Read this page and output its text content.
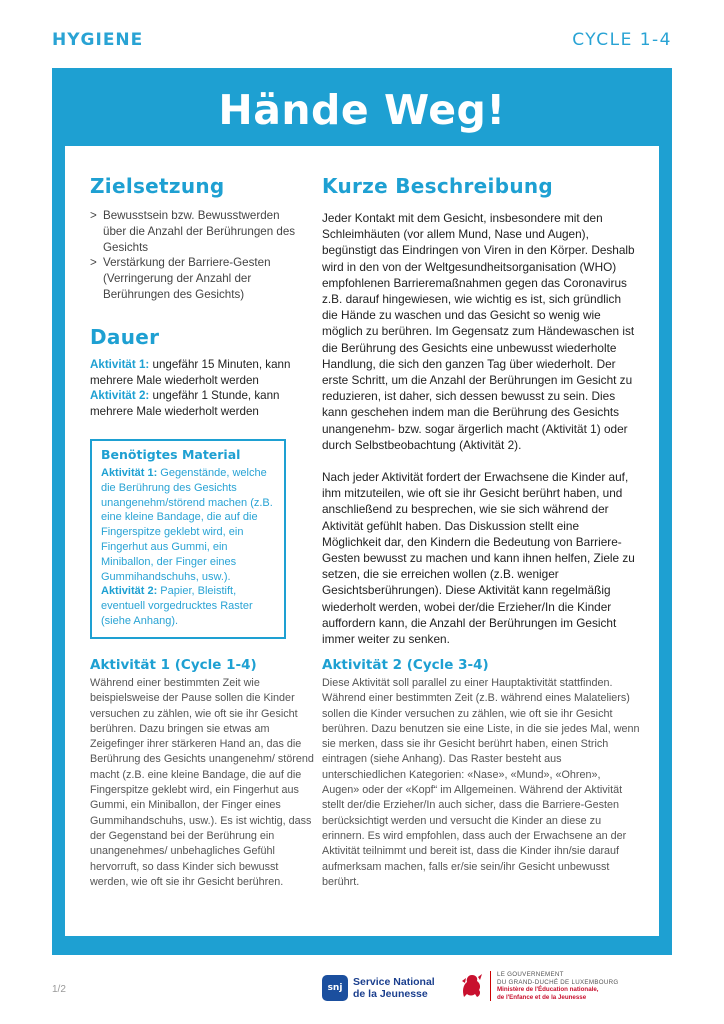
HYGIENE	CYCLE 1-4
Hände Weg!
Zielsetzung
> Bewusstsein bzw. Bewusstwerden über die Anzahl der Berührungen des Gesichts
> Verstärkung der Barriere-Gesten (Verringerung der Anzahl der Berührungen des Gesichts)
Dauer
Aktivität 1: ungefähr 15 Minuten, kann mehrere Male wiederholt werden
Aktivität 2: ungefähr 1 Stunde, kann mehrere Male wiederholt werden
Benötigtes Material
Aktivität 1: Gegenstände, welche die Berührung des Gesichts unangenehm/störend machen (z.B. eine kleine Bandage, die auf die Fingerspitze geklebt wird, ein Fingerhut aus Gummi, ein Miniballon, der Finger eines Gummihandschuhs, usw.).
Aktivität 2: Papier, Bleistift, eventuell vorgedrucktes Raster (siehe Anhang).
Kurze Beschreibung

Jeder Kontakt mit dem Gesicht, insbesondere mit den Schleimhäuten (vor allem Mund, Nase und Augen), begünstigt das Eindringen von Viren in den Körper. Deshalb wird in den von der Weltgesundheitsorganisation (WHO) empfohlenen Barrieremaßnahmen gegen das Coronavirus z.B. darauf hingewiesen, wie wichtig es ist, sich gründlich die Hände zu waschen und das Gesicht so wenig wie möglich zu berühren. Im Gegensatz zum Händewaschen ist die Berührung des Gesichts eine unbewusst wiederholte Handlung, die sich den ganzen Tag über wiederholt. Der erste Schritt, um die Anzahl der Berührungen im Gesicht zu reduzieren, ist daher, sich dessen bewusst zu sein. Dies kann geschehen indem man die Berührung des Gesichts unangenehm- bzw. sogar ärgerlich macht (Aktivität 1) oder durch Selbstbeobachtung (Aktivität 2).

Nach jeder Aktivität fordert der Erwachsene die Kinder auf, ihm mitzuteilen, wie oft sie ihr Gesicht berührt haben, und anschließend zu besprechen, wie sie sich während der Aktivität gefühlt haben. Das Diskussion stellt eine Möglichkeit dar, den Kindern die Bedeutung von Barriere-Gesten bewusst zu machen und kann ihnen helfen, Ziele zu setzen, die sie erreichen wollen (z.B. weniger Gesichtsberührungen). Diese Aktivität kann regelmäßig wiederholt werden, wobei der/die Erzieher/In die Kinder auffordern kann, die Anzahl der Berührungen im Gesicht immer weiter zu senken.

Aktivität 1 (Cycle 1-4)

Während einer bestimmten Zeit wie beispielsweise der Pause sollen die Kinder versuchen zu zählen, wie oft sie ihr Gesicht berühren. Dazu bringen sie etwas am Zeigefinger ihrer stärkeren Hand an, das die Berührung des Gesichts unangenehm/ störend macht (z.B. eine kleine Bandage, die auf die Fingerspitze geklebt wird, ein Fingerhut aus Gummi, ein Miniballon, der Finger eines Gummihandschuhs, usw.). Es ist wichtig, dass der Gegenstand bei der Berührung ein unangenehmes/ unbehagliches Gefühl hervorruft, so dass Kinder sich bewusst werden, wie oft sie ihr Gesicht berühren.

Aktivität 2 (Cycle 3-4)

Diese Aktivität soll parallel zu einer Hauptaktivität stattfinden. Während einer bestimmten Zeit (z.B. während eines Malateliers) sollen die Kinder versuchen zu zählen, wie oft sie ihr Gesicht berühren. Dazu benutzen sie eine Liste, in die sie jedes Mal, wenn sie merken, dass sie ihr Gesicht berührt haben, einen Strich eintragen (siehe Anhang). Das Raster besteht aus unterschiedlichen Kategorien: «Nase», «Mund», «Ohren», Augen» oder der «Kopf“ im Allgemeinen. Während der Aktivität stellt der/die Erzieher/In auch sicher, dass die Barriere-Gesten berücksichtigt werden und versucht die Kinder an diese zu erinnern. Es wird empfohlen, dass auch der Erwachsene an der Aktivität teilnimmt und bereit ist, dass die Kinder ihn/sie darauf aufmerksam machen, falls er/sie sein/ihr Gesicht unbewusst berührt.

1/2	snj	Service National
de la Jeunesse
LE GOUVERNEMENT
DU GRAND-DUCHÉ DE LUXEMBOURG
Ministère de l'Éducation nationale,
de l'Enfance et de la Jeunesse
